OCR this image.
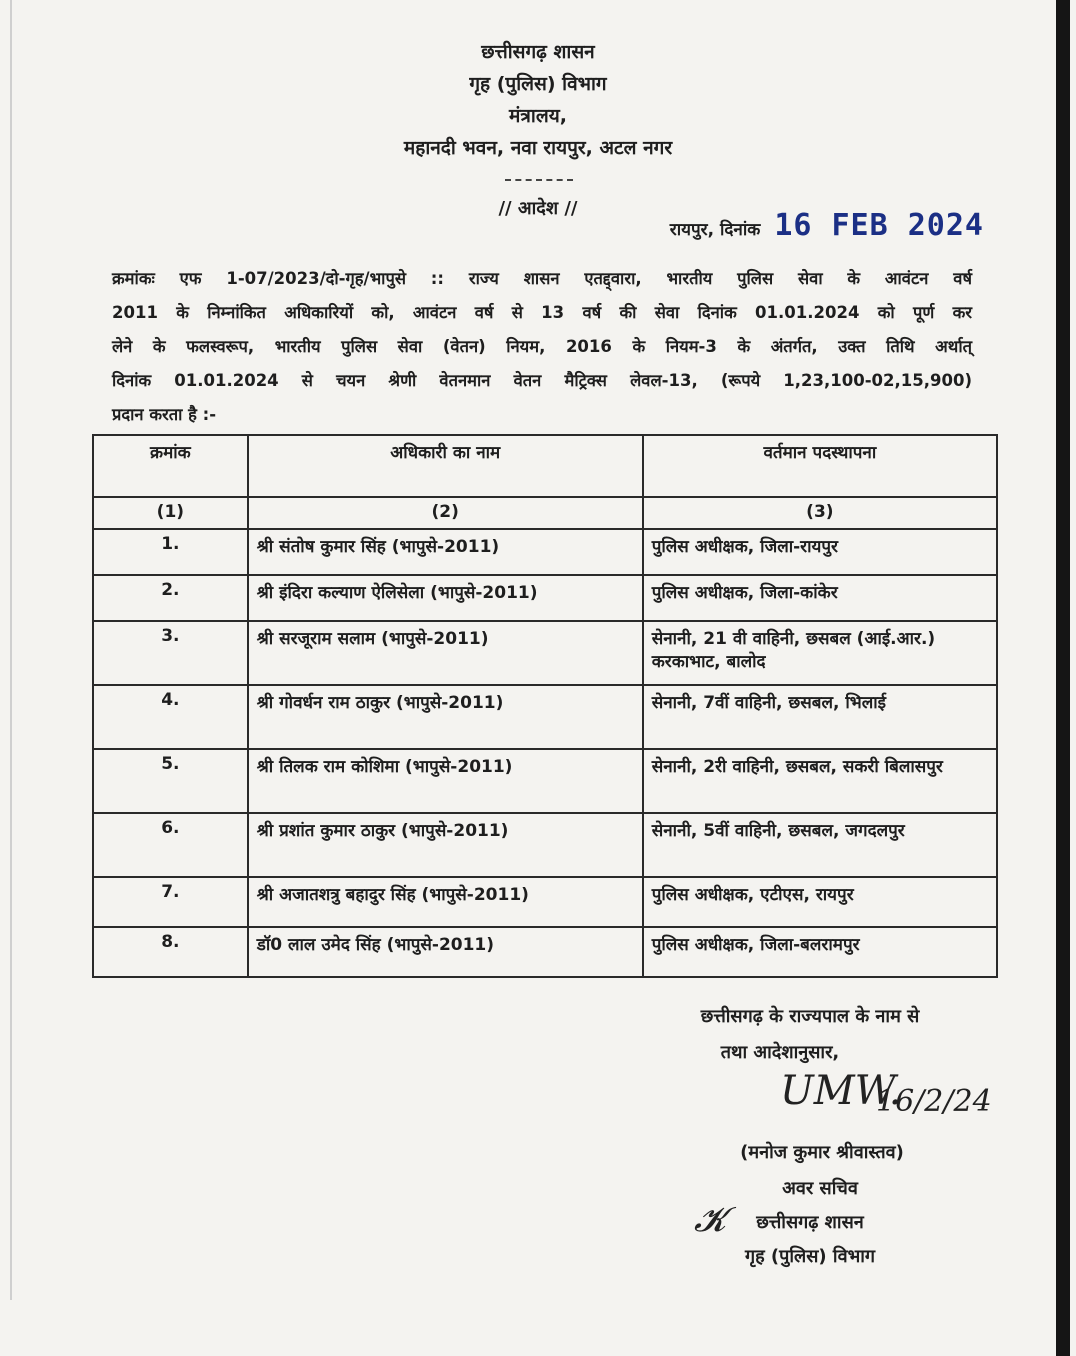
छत्तीसगढ़ शासन
गृह (पुलिस) विभाग
मंत्रालय,
महानदी भवन, नवा रायपुर, अटल नगर
// आदेश //
रायपुर, दिनांक 16 FEB 2024
क्रमांकः एफ 1-07/2023/दो-गृह/भापुसे :: राज्य शासन एतद्द्वारा, भारतीय पुलिस सेवा के आवंटन वर्ष
2011 के निम्नांकित अधिकारियों को, आवंटन वर्ष से 13 वर्ष की सेवा दिनांक 01.01.2024 को पूर्ण कर
लेने के फलस्वरूप, भारतीय पुलिस सेवा (वेतन) नियम, 2016 के नियम-3 के अंतर्गत, उक्त तिथि अर्थात्
दिनांक 01.01.2024 से चयन श्रेणी वेतनमान वेतन मैट्रिक्स लेवल-13, (रूपये 1,23,100-02,15,900)
प्रदान करता है :-
क्रमांक	अधिकारी का नाम	वर्तमान पदस्थापना
(1)	(2)	(3)
1.	श्री संतोष कुमार सिंह (भापुसे-2011)	पुलिस अधीक्षक, जिला-रायपुर
2.	श्री इंदिरा कल्याण ऐलिसेला (भापुसे-2011)	पुलिस अधीक्षक, जिला-कांकेर
3.	श्री सरजूराम सलाम (भापुसे-2011)	सेनानी, 21 वी वाहिनी, छसबल (आई.आर.) करकाभाट, बालोद
4.	श्री गोवर्धन राम ठाकुर (भापुसे-2011)	सेनानी, 7वीं वाहिनी, छसबल, भिलाई
5.	श्री तिलक राम कोशिमा (भापुसे-2011)	सेनानी, 2री वाहिनी, छसबल, सकरी बिलासपुर
6.	श्री प्रशांत कुमार ठाकुर (भापुसे-2011)	सेनानी, 5वीं वाहिनी, छसबल, जगदलपुर
7.	श्री अजातशत्रु बहादुर सिंह (भापुसे-2011)	पुलिस अधीक्षक, एटीएस, रायपुर
8.	डॉ0 लाल उमेद सिंह (भापुसे-2011)	पुलिस अधीक्षक, जिला-बलरामपुर
छत्तीसगढ़ के राज्यपाल के नाम से
तथा आदेशानुसार,
UMW.
16/2/24
(मनोज कुमार श्रीवास्तव)
अवर सचिव
𝓚	छत्तीसगढ़ शासन
गृह (पुलिस) विभाग
